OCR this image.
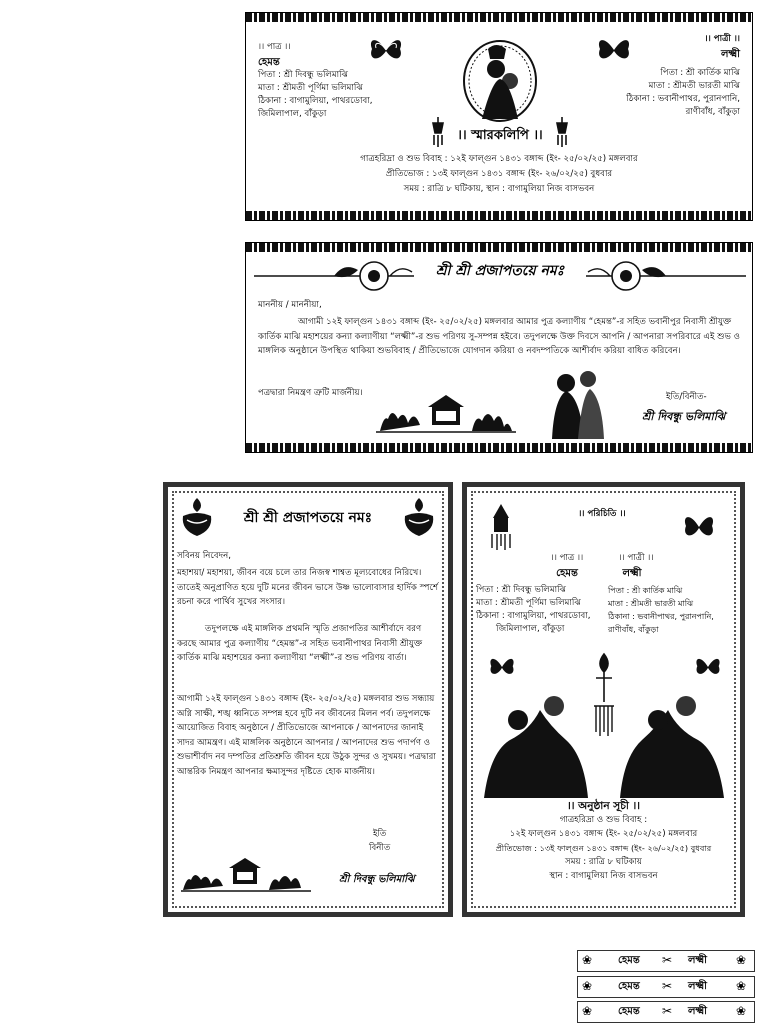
।। পাত্র ।।
হেমন্ত
পিতা : শ্রী দিবন্ধু ভলিমাঝি
মাতা : শ্রীমতী পূর্ণিমা ভলিমাঝি
ঠিকানা : বাগামুলিয়া, পাথরডোবা,
জিমিলাপাল, বাঁকুড়া
।। পাত্রী ।।
লক্ষ্মী
পিতা : শ্রী কার্তিক মাঝি
মাতা : শ্রীমতী ভারতী মাঝি
ঠিকানা : ভবানীপাথর, পুরানপানি,
রাণীবাঁধ, বাঁকুড়া
।। স্মারকলিপি ।।
গাত্রহরিদ্রা ও শুভ বিবাহ : ১২ই ফাল্গুন ১৪৩১ বঙ্গাব্দ (ইং- ২৫/০২/২৫) মঙ্গলবার
প্রীতিভোজ : ১৩ই ফাল্গুন ১৪৩১ বঙ্গাব্দ (ইং- ২৬/০২/২৫) বুধবার
সময় : রাত্রি ৮ ঘটিকায়, স্থান : বাগামুলিয়া নিজ বাসভবন
শ্রী শ্রী প্রজাপতয়ে নমঃ
মাননীয় / মাননীয়া,
আগামী ১২ই ফাল্গুন ১৪৩১ বঙ্গাব্দ (ইং- ২৫/০২/২৫) মঙ্গলবার আমার পুত্র কল্যাণীয় “হেমন্ত”-র সহিত ভবানীপুর নিবাসী শ্রীযুক্ত কার্তিক মাঝি মহাশয়ের কন্যা কল্যাণীয়া “লক্ষ্মী”-র শুভ পরিণয় সু-সম্পন্ন হইবে। তদুপলক্ষে উক্ত দিবসে আপনি / আপনারা সপরিবারে এই শুভ ও মাঙ্গলিক অনুষ্ঠানে উপস্থিত থাকিয়া শুভবিবাহ / প্রীতিভোজে যোগদান করিয়া ও নবদম্পতিকে আশীর্বাদ করিয়া বাধিত করিবেন।
পত্রদ্বারা নিমন্ত্রণ ত্রুটি মার্জনীয়।	ইতি/বিনীত-
শ্রী দিবন্ধু ভলিমাঝি
শ্রী শ্রী প্রজাপতয়ে নমঃ
সবিনয় নিবেদন,
মহাশয়া/ মহাশয়া, জীবন বয়ে চলে তার নিজস্ব শাশ্বত মূল্যবোধের নিরিখে। তাতেই অনুপ্রাণিত হয়ে দুটি মনের জীবন ভাসে উষ্ণ ভালোবাসার হার্দিক স্পর্শে রচনা করে পার্থিব সুখের সংসার।
তদুপলক্ষে এই মাঙ্গলিক প্রথমনি স্মৃতি প্রজাপতির আশীর্বাদে বরণ করছে আমার পুত্র কল্যাণীয় “হেমন্ত”-র সহিত ভবানীপাথর নিবাসী শ্রীযুক্ত কার্তিক মাঝি মহাশয়ের কন্যা কল্যাণীয়া “লক্ষ্মী”-র শুভ পরিণয় বার্তা।
আগামী ১২ই ফাল্গুন ১৪৩১ বঙ্গাব্দ (ইং- ২৫/০২/২৫) মঙ্গলবার শুভ সন্ধ্যায় অগ্নি সাক্ষী, শঙ্খ ধ্বনিতে সম্পন্ন হবে দুটি নব জীবনের মিলন পর্ব। তদুপলক্ষে আয়োজিত বিবাহ অনুষ্ঠানে / প্রীতিভোজে আপনাকে / আপনাদের জানাই সাদর আমন্ত্রণ। এই মাঙ্গলিক অনুষ্ঠানে আপনার / আপনাদের শুভ পদার্পণ ও শুভাশীর্বাদ নব দম্পতির প্রতিশ্রুতি জীবন হয়ে উঠুক সুন্দর ও সুখময়। পত্রদ্বারা আন্তরিক নিমন্ত্রণ আপনার ক্ষমাসুন্দর দৃষ্টিতে হোক মার্জনীয়।
ইতি
বিনীত
শ্রী দিবন্ধু ভলিমাঝি
।। পরিচিতি ।।
।। পাত্র ।।
হেমন্ত
।। পাত্রী ।।
লক্ষ্মী
পিতা : শ্রী দিবন্ধু ভলিমাঝি
মাতা : শ্রীমতী পূর্ণিমা ভলিমাঝি
ঠিকানা : বাগামুলিয়া, পাথরডোবা,
জিমিলাপাল, বাঁকুড়া
পিতা : শ্রী কার্তিক মাঝি
মাতা : শ্রীমতী ভারতী মাঝি
ঠিকানা : ভবানীপাথর, পুরানপানি,
রাণীবাঁধ, বাঁকুড়া
।। অনুষ্ঠান সূচী ।।
গাত্রহরিদ্রা ও শুভ বিবাহ :
১২ই ফাল্গুন ১৪৩১ বঙ্গাব্দ (ইং- ২৫/০২/২৫) মঙ্গলবার
প্রীতিভোজ : ১৩ই ফাল্গুন ১৪৩১ বঙ্গাব্দ (ইং- ২৬/০২/২৫) বুধবার
সময় : রাত্রি ৮ ঘটিকায়
স্থান : বাগামুলিয়া নিজ বাসভবন
❀	হেমন্ত ✂ লক্ষ্মী ❀
❀	হেমন্ত ✂ লক্ষ্মী ❀
❀	হেমন্ত ✂ লক্ষ্মী ❀
